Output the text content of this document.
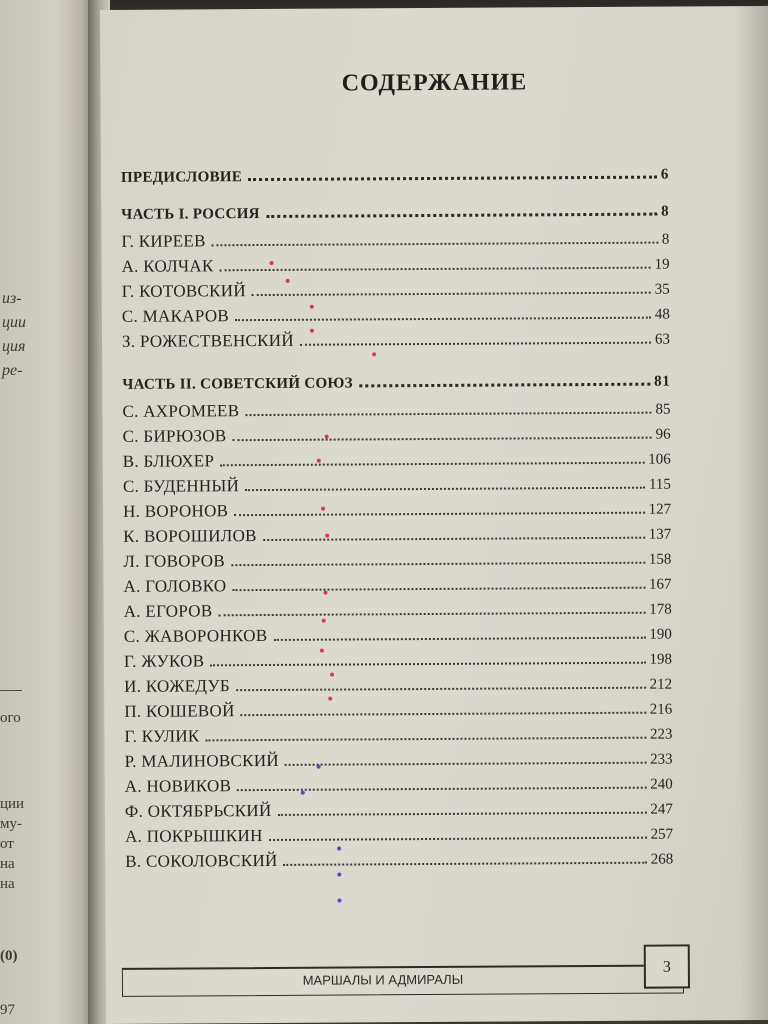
из-
ции
ция
ре-
ого
ции
му-
от
на
на
(0)
97
СОДЕРЖАНИЕ
ПРЕДИСЛОВИЕ	6
ЧАСТЬ I. РОССИЯ	8
Г. КИРЕЕВ	8
А. КОЛЧАК	19
Г. КОТОВСКИЙ	35
С. МАКАРОВ	48
З. РОЖЕСТВЕНСКИЙ	63
ЧАСТЬ II. СОВЕТСКИЙ СОЮЗ	81
С. АХРОМЕЕВ	85
С. БИРЮЗОВ	96
В. БЛЮХЕР	106
С. БУДЕННЫЙ	115
Н. ВОРОНОВ	127
К. ВОРОШИЛОВ	137
Л. ГОВОРОВ	158
А. ГОЛОВКО	167
А. ЕГОРОВ	178
С. ЖАВОРОНКОВ	190
Г. ЖУКОВ	198
И. КОЖЕДУБ	212
П. КОШЕВОЙ	216
Г. КУЛИК	223
Р. МАЛИНОВСКИЙ	233
А. НОВИКОВ	240
Ф. ОКТЯБРЬСКИЙ	247
А. ПОКРЫШКИН	257
В. СОКОЛОВСКИЙ	268
МАРШАЛЫ И АДМИРАЛЫ
3
